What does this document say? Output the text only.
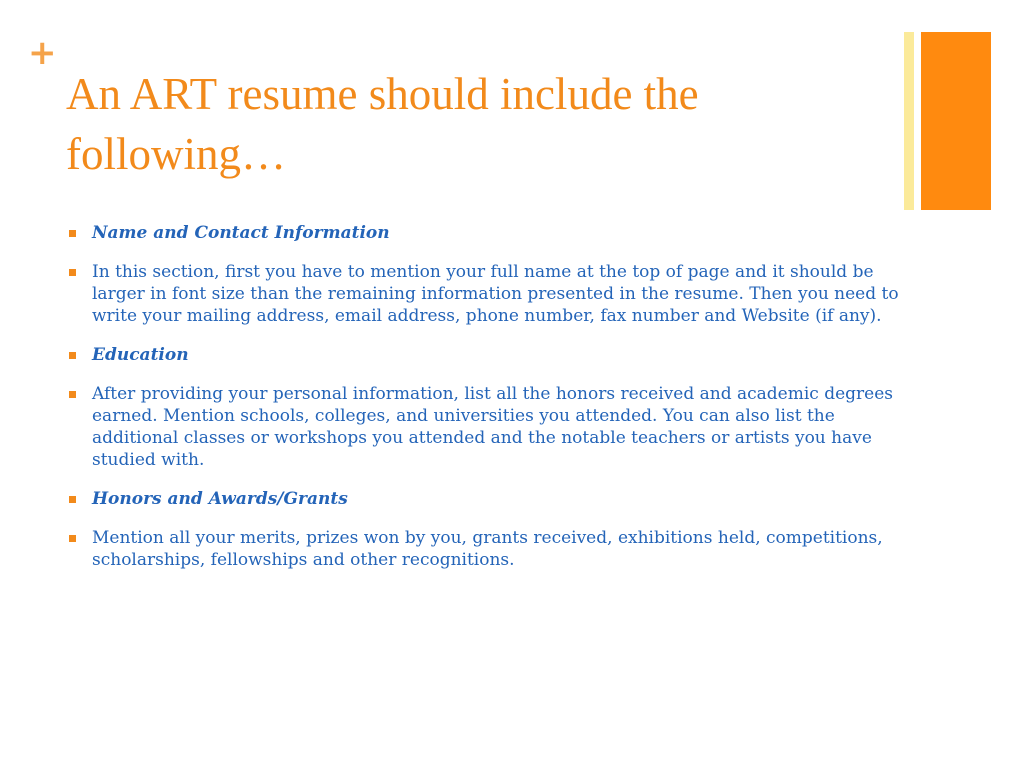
+
An ART resume should include the following…
Name and Contact Information
In this section, first you have to mention your full name at the top of page and it should be larger in font size than the remaining information presented in the resume. Then you need to write your mailing address, email address, phone number, fax number and Website (if any).
Education
After providing your personal information, list all the honors received and academic degrees earned. Mention schools, colleges, and universities you attended. You can also list the additional classes or workshops you attended and the notable teachers or artists you have studied with.
Honors and Awards/Grants
Mention all your merits, prizes won by you, grants received, exhibitions held, competitions, scholarships, fellowships and other recognitions.
